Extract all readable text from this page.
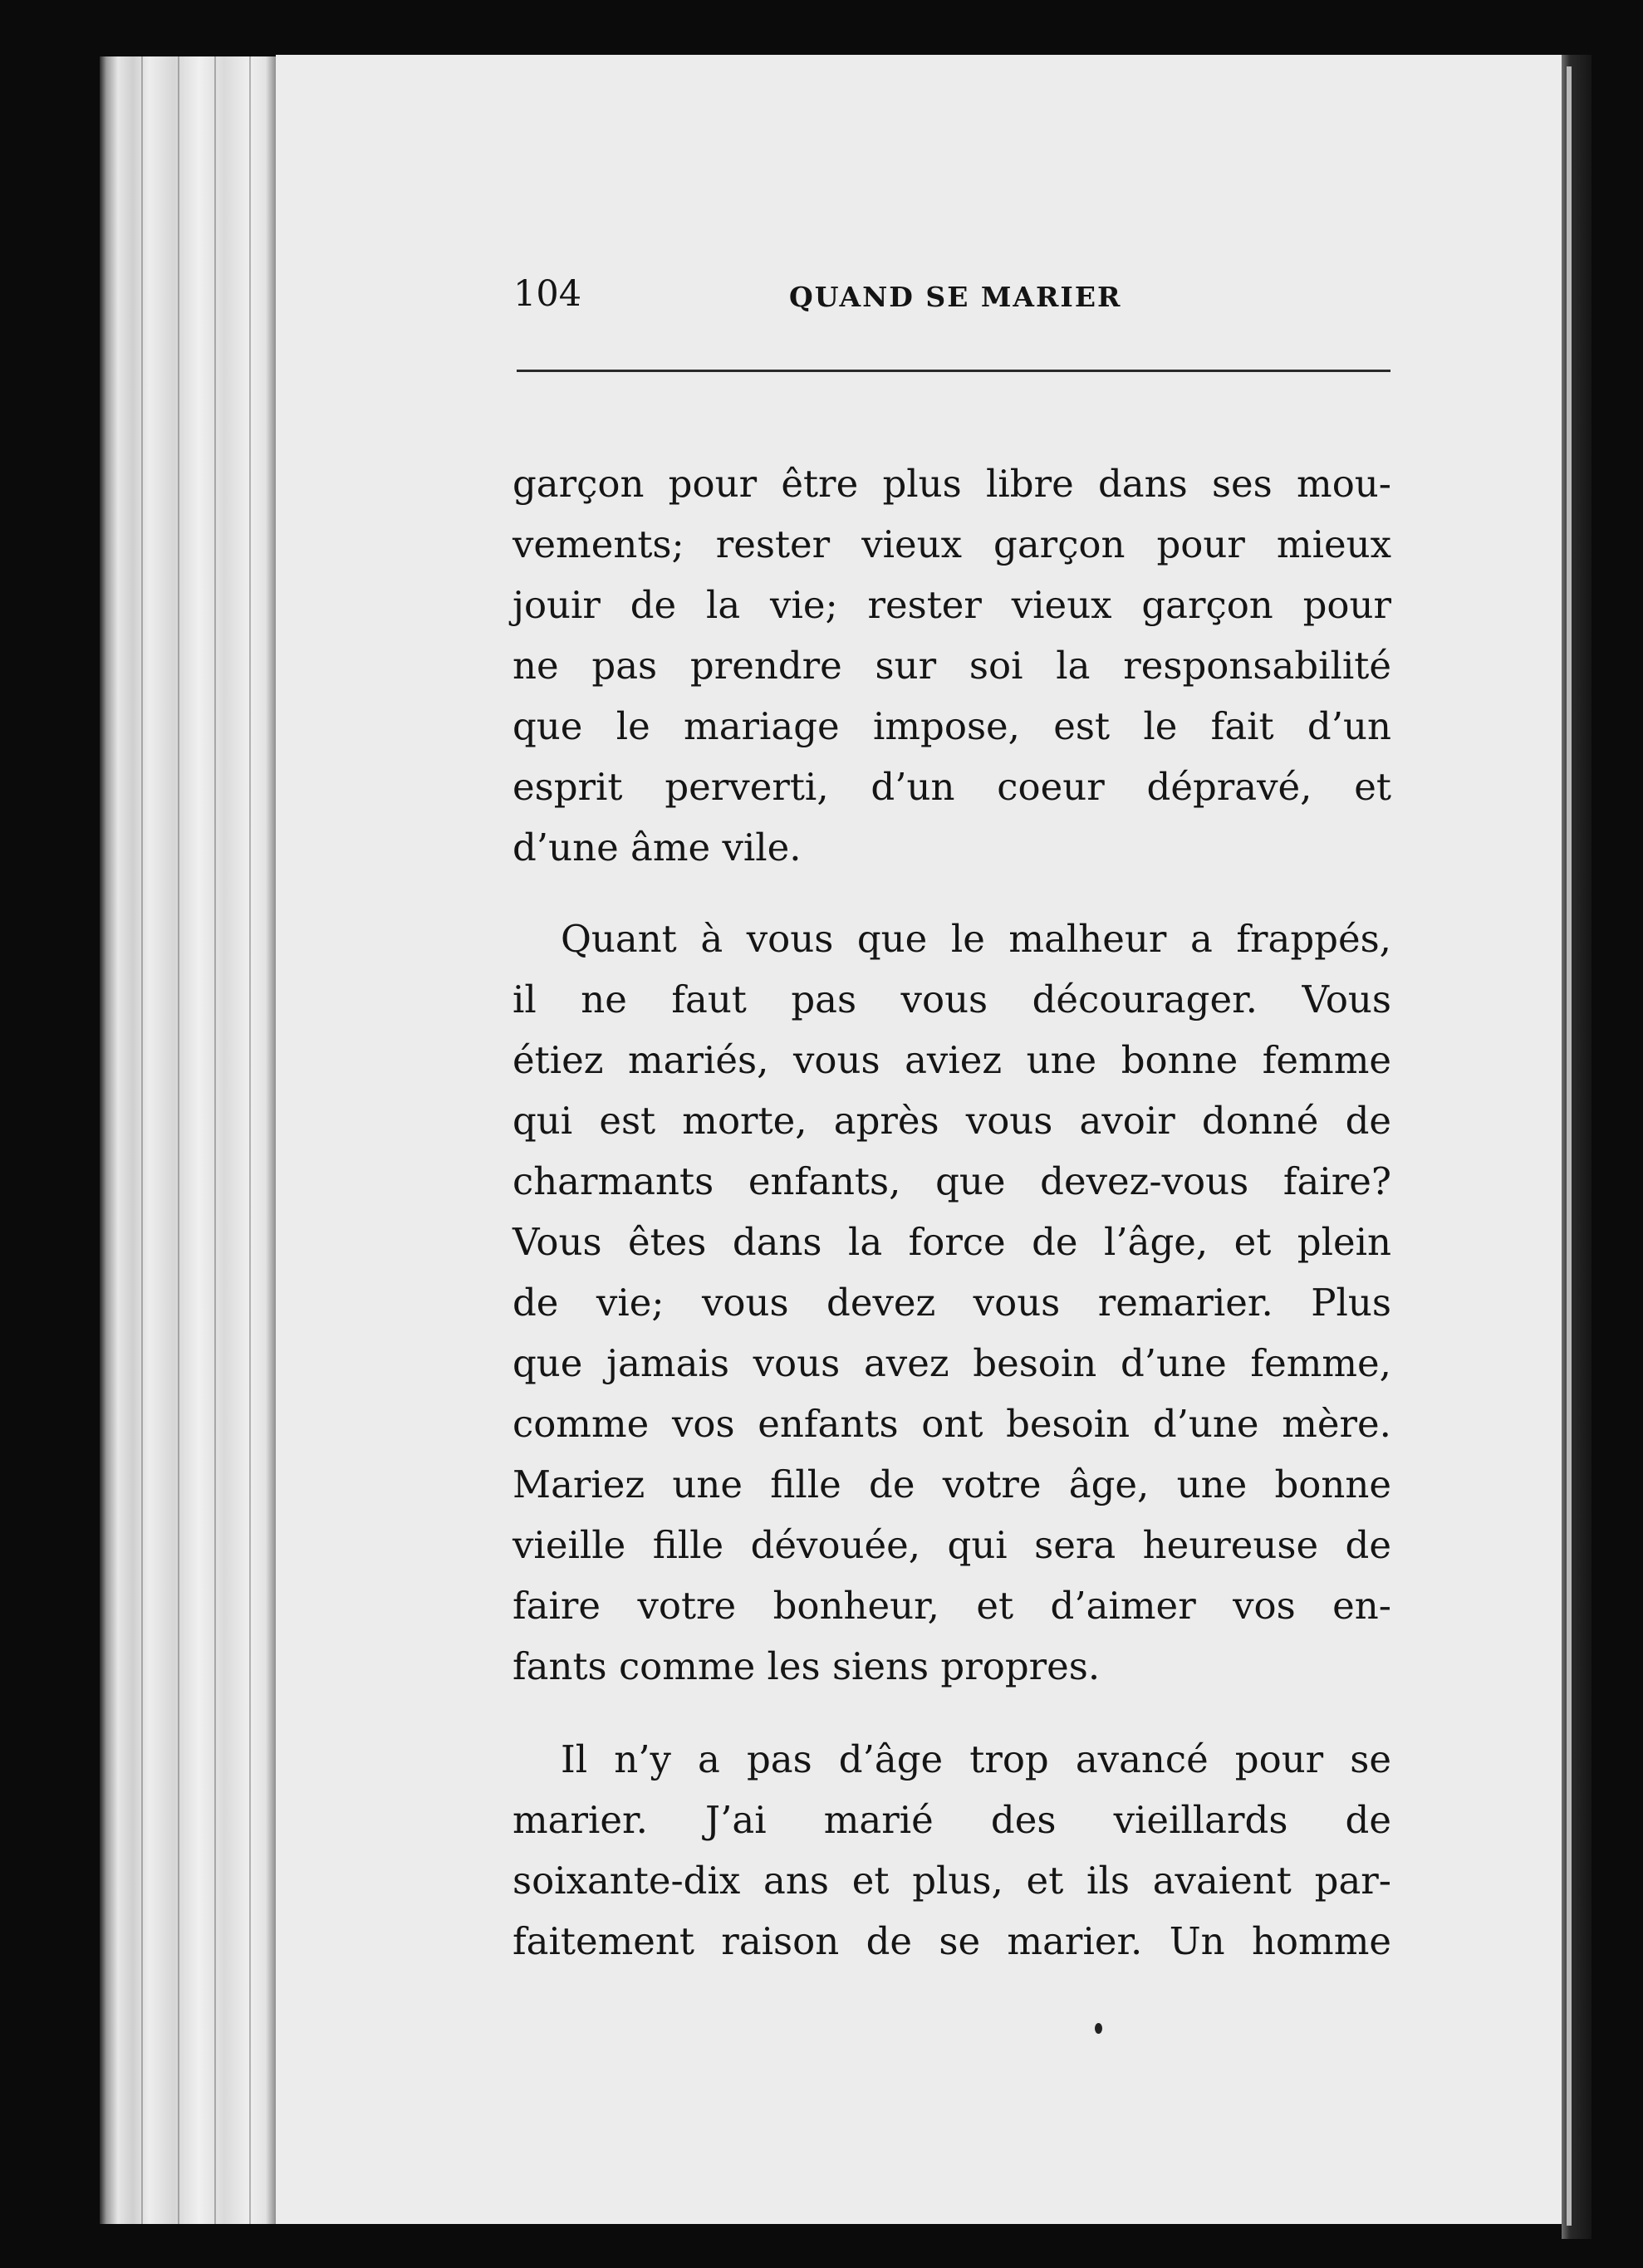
104	QUAND SE MARIER
garçon pour être plus libre dans ses mou-
vements; rester vieux garçon pour mieux
jouir de la vie; rester vieux garçon pour
ne pas prendre sur soi la responsabilité
que le mariage impose, est le fait d’un
esprit perverti, d’un coeur dépravé, et
d’une âme vile.
Quant à vous que le malheur a frappés,
il ne faut pas vous décourager. Vous
étiez mariés, vous aviez une bonne femme
qui est morte, après vous avoir donné de
charmants enfants, que devez-vous faire?
Vous êtes dans la force de l’âge, et plein
de vie; vous devez vous remarier. Plus
que jamais vous avez besoin d’une femme,
comme vos enfants ont besoin d’une mère.
Mariez une fille de votre âge, une bonne
vieille fille dévouée, qui sera heureuse de
faire votre bonheur, et d’aimer vos en-
fants comme les siens propres.
Il n’y a pas d’âge trop avancé pour se
marier. J’ai marié des vieillards de
soixante-dix ans et plus, et ils avaient par-
faitement raison de se marier. Un homme
